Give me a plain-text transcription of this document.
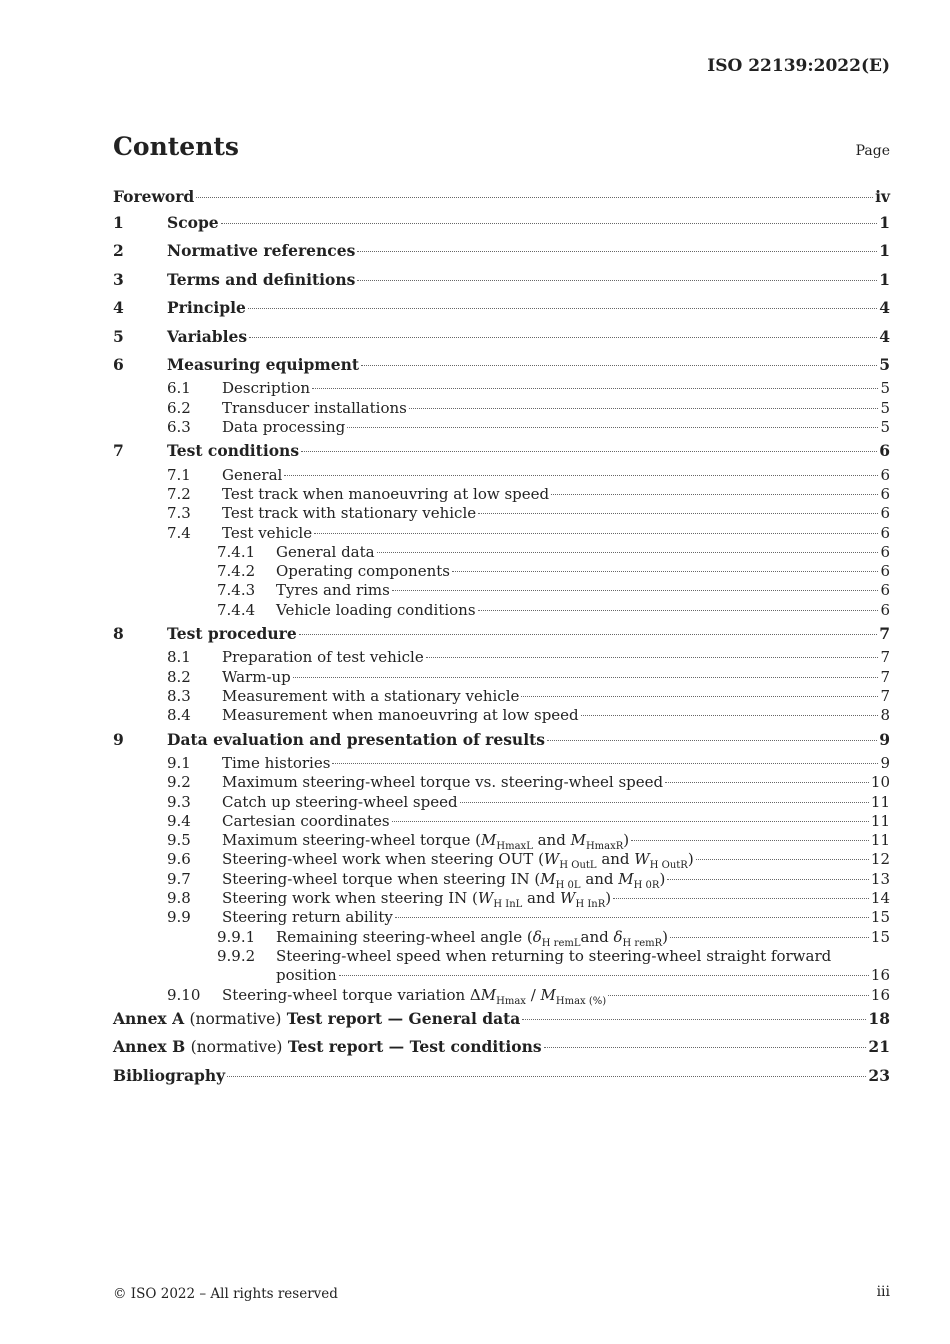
ISO 22139:2022(E)
Contents	Page
Foreword	iv
1	Scope	1
2	Normative references	1
3	Terms and definitions	1
4	Principle	4
5	Variables	4
6	Measuring equipment	5
6.1	Description	5
6.2	Transducer installations	5
6.3	Data processing	5
7	Test conditions	6
7.1	General	6
7.2	Test track when manoeuvring at low speed	6
7.3	Test track with stationary vehicle	6
7.4	Test vehicle	6
7.4.1	General data	6
7.4.2	Operating components	6
7.4.3	Tyres and rims	6
7.4.4	Vehicle loading conditions	6
8	Test procedure	7
8.1	Preparation of test vehicle	7
8.2	Warm-up	7
8.3	Measurement with a stationary vehicle	7
8.4	Measurement when manoeuvring at low speed	8
9	Data evaluation and presentation of results	9
9.1	Time histories	9
9.2	Maximum steering-wheel torque vs. steering-wheel speed	10
9.3	Catch up steering-wheel speed	11
9.4	Cartesian coordinates	11
9.5	Maximum steering-wheel torque ($M_{HmaxL}$ and $M_{HmaxR}$)	11
9.6	Steering-wheel work when steering OUT ($W_{H OutL}$ and $W_{H OutR}$)	12
9.7	Steering-wheel torque when steering IN ($M_{H 0L}$ and $M_{H 0R}$)	13
9.8	Steering work when steering IN ($W_{H InL}$ and $W_{H InR}$)	14
9.9	Steering return ability	15
9.9.1	Remaining steering-wheel angle ($\delta_{H remL}and$ $\delta_{H remR}$)	15
9.9.2	Steering-wheel speed when returning to steering-wheel straight forward
position	16
9.10	Steering-wheel torque variation $\Delta M_{Hmax} / M_{Hmax (\%)}$	16
Annex A (normative) Test report — General data	18
Annex B (normative) Test report — Test conditions	21
Bibliography	23
© ISO 2022 – All rights reserved	iii
